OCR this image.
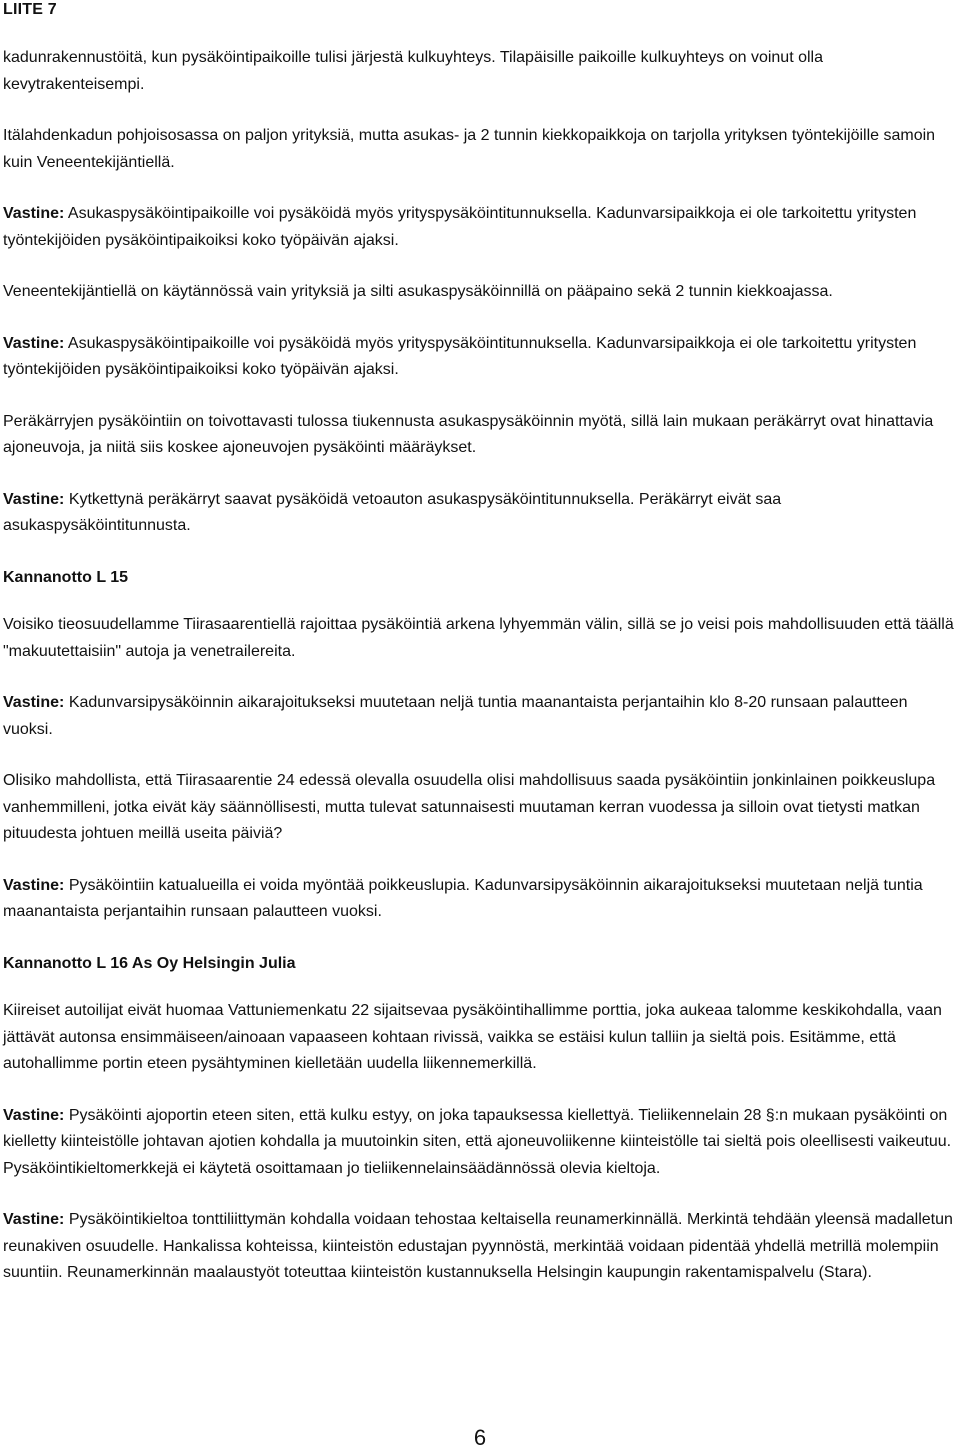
LIITE 7

kadunrakennustöitä, kun pysäköintipaikoille tulisi järjestä kulkuyhteys. Tilapäisille paikoille kulkuyhteys on voinut olla kevytrakenteisempi.

Itälahdenkadun pohjoisosassa on paljon yrityksiä, mutta asukas- ja 2 tunnin kiekkopaikkoja on tarjolla yrityksen työntekijöille samoin kuin Veneentekijäntiellä.

Vastine: Asukaspysäköintipaikoille voi pysäköidä myös yrityspysäköintitunnuksella. Kadunvarsipaikkoja ei ole tarkoitettu yritysten työntekijöiden pysäköintipaikoiksi koko työpäivän ajaksi.

Veneentekijäntiellä on käytännössä vain yrityksiä ja silti asukaspysäköinnillä on pääpaino sekä 2 tunnin kiekkoajassa.

Vastine: Asukaspysäköintipaikoille voi pysäköidä myös yrityspysäköintitunnuksella. Kadunvarsipaikkoja ei ole tarkoitettu yritysten työntekijöiden pysäköintipaikoiksi koko työpäivän ajaksi.

Peräkärryjen pysäköintiin on toivottavasti tulossa tiukennusta asukaspysäköinnin myötä, sillä lain mukaan peräkärryt ovat hinattavia ajoneuvoja, ja niitä siis koskee ajoneuvojen pysäköinti määräykset.

Vastine: Kytkettynä peräkärryt saavat pysäköidä vetoauton asukaspysäköintitunnuksella. Peräkärryt eivät saa asukaspysäköintitunnusta.

Kannanotto L 15

Voisiko tieosuudellamme Tiirasaarentiellä rajoittaa pysäköintiä arkena lyhyemmän välin, sillä se jo veisi pois mahdollisuuden että täällä "makuutettaisiin" autoja ja venetrailereita.

Vastine: Kadunvarsipysäköinnin aikarajoitukseksi muutetaan neljä tuntia maanantaista perjantaihin klo 8-20 runsaan palautteen vuoksi.

Olisiko mahdollista, että Tiirasaarentie 24 edessä olevalla osuudella olisi mahdollisuus saada pysäköintiin jonkinlainen poikkeuslupa vanhemmilleni, jotka eivät käy säännöllisesti, mutta tulevat satunnaisesti muutaman kerran vuodessa ja silloin ovat tietysti matkan pituudesta johtuen meillä useita päiviä?

Vastine: Pysäköintiin katualueilla ei voida myöntää poikkeuslupia. Kadunvarsipysäköinnin aikarajoitukseksi muutetaan neljä tuntia maanantaista perjantaihin runsaan palautteen vuoksi.

Kannanotto L 16 As Oy Helsingin Julia

Kiireiset autoilijat eivät huomaa Vattuniemenkatu 22 sijaitsevaa pysäköintihallimme porttia, joka aukeaa talomme keskikohdalla, vaan jättävät autonsa ensimmäiseen/ainoaan vapaaseen kohtaan rivissä, vaikka se estäisi kulun talliin ja sieltä pois. Esitämme, että autohallimme portin eteen pysähtyminen kielletään uudella liikennemerkillä.

Vastine: Pysäköinti ajoportin eteen siten, että kulku estyy, on joka tapauksessa kiellettyä. Tieliikennelain 28 §:n mukaan pysäköinti on kielletty kiinteistölle johtavan ajotien kohdalla ja muutoinkin siten, että ajoneuvoliikenne kiinteistölle tai sieltä pois oleellisesti vaikeutuu. Pysäköintikieltomerkkejä ei käytetä osoittamaan jo tieliikennelainsäädännössä olevia kieltoja.

Vastine: Pysäköintikieltoa tonttiliittymän kohdalla voidaan tehostaa keltaisella reunamerkinnällä. Merkintä tehdään yleensä madalletun reunakiven osuudelle. Hankalissa kohteissa, kiinteistön edustajan pyynnöstä, merkintää voidaan pidentää yhdellä metrillä molempiin suuntiin. Reunamerkinnän maalaustyöt toteuttaa kiinteistön kustannuksella Helsingin kaupungin rakentamispalvelu (Stara).

6
